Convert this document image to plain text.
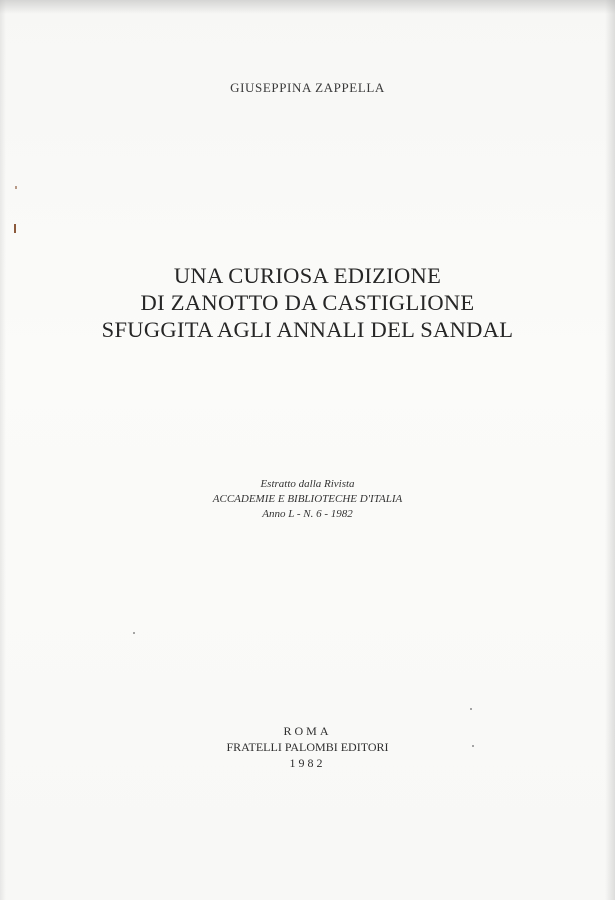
GIUSEPPINA ZAPPELLA
UNA CURIOSA EDIZIONE
DI ZANOTTO DA CASTIGLIONE
SFUGGITA AGLI ANNALI DEL SANDAL
Estratto dalla Rivista
ACCADEMIE E BIBLIOTECHE D'ITALIA
Anno L - N. 6 - 1982
ROMA
FRATELLI PALOMBI EDITORI
1982
